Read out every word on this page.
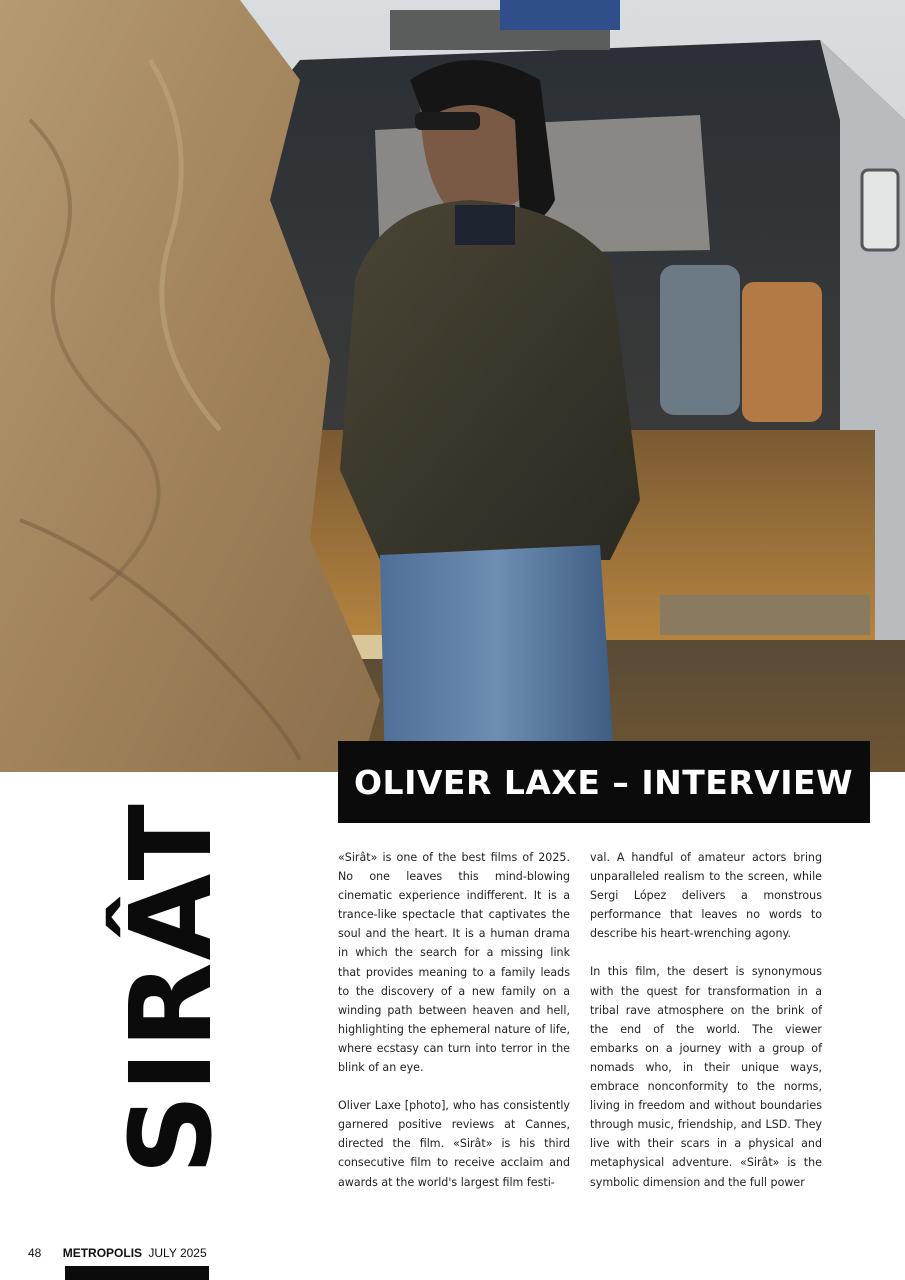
OLIVER LAXE – INTERVIEW
SIRÂT	«Sirât» is one of the best films of 2025. No one leaves this mind-blowing cinematic experience indifferent. It is a trance-like spectacle that captivates the soul and the heart. It is a human drama in which the search for a missing link that provides meaning to a family leads to the discovery of a new family on a winding path between heaven and hell, highlighting the ephemeral nature of life, where ecstasy can turn into terror in the blink of an eye.

Oliver Laxe [photo], who has consistently garnered positive reviews at Cannes, directed the film. «Sirât» is his third consecutive film to receive acclaim and awards at the world's largest film festi-

val. A handful of amateur actors bring unparalleled realism to the screen, while Sergi López delivers a monstrous performance that leaves no words to describe his heart-wrenching agony.

In this film, the desert is synonymous with the quest for transformation in a tribal rave atmosphere on the brink of the end of the world. The viewer embarks on a journey with a group of nomads who, in their unique ways, embrace nonconformity to the norms, living in freedom and without boundaries through music, friendship, and LSD. They live with their scars in a physical and metaphysical adventure. «Sirât» is the symbolic dimension and the full power

48 METROPOLIS JULY 2025
